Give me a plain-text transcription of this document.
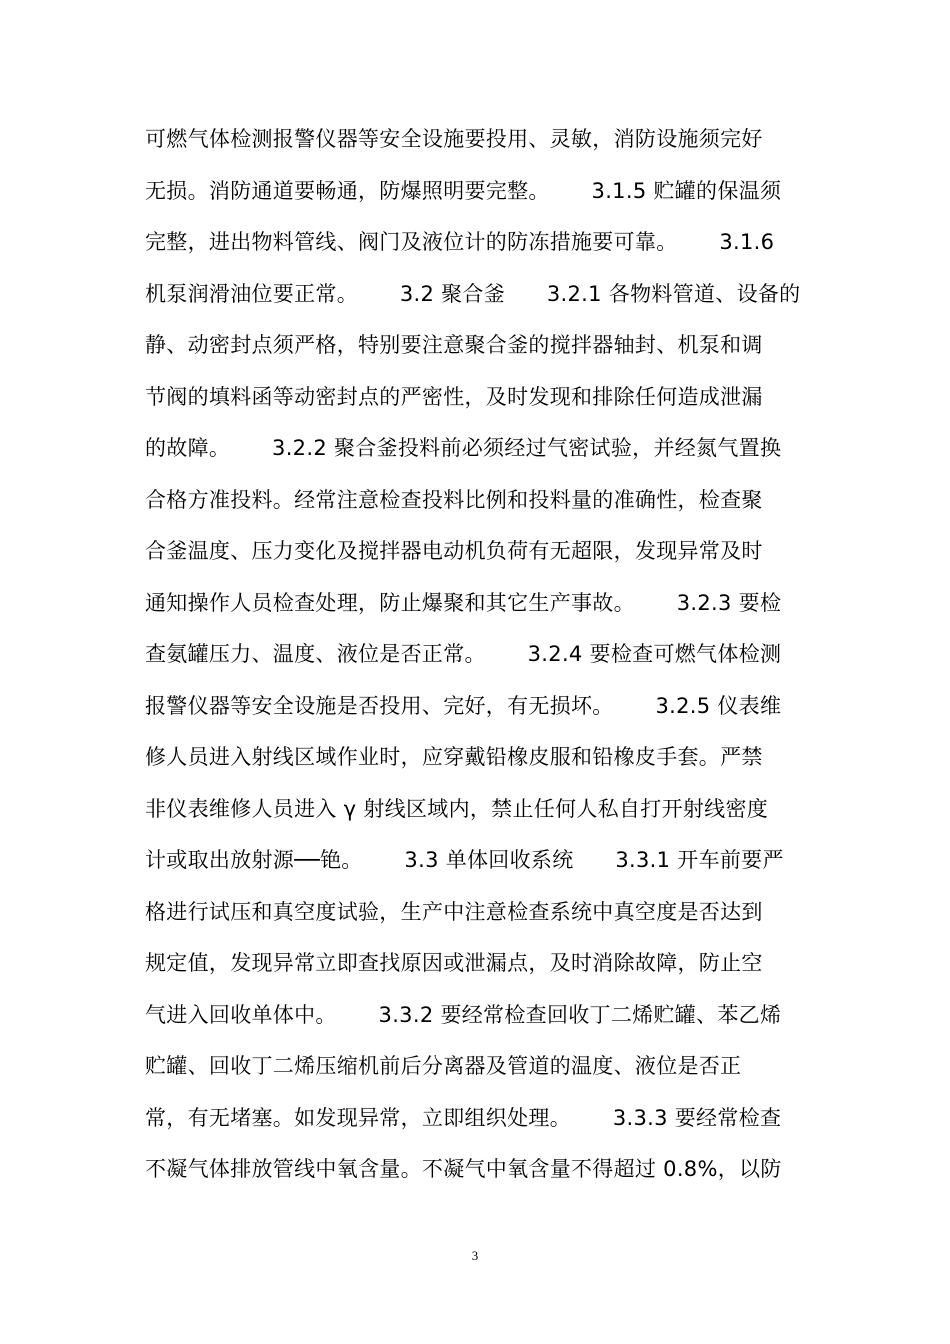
可燃气体检测报警仪器等安全设施要投用、灵敏，消防设施须完好
无损。消防通道要畅通，防爆照明要完整。      3.1.5 贮罐的保温须
完整，进出物料管线、阀门及液位计的防冻措施要可靠。      3.1.6
机泵润滑油位要正常。      3.2 聚合釜      3.2.1 各物料管道、设备的
静、动密封点须严格，特别要注意聚合釜的搅拌器轴封、机泵和调
节阀的填料函等动密封点的严密性，及时发现和排除任何造成泄漏
的故障。      3.2.2 聚合釜投料前必须经过气密试验，并经氮气置换
合格方准投料。经常注意检查投料比例和投料量的准确性，检查聚
合釜温度、压力变化及搅拌器电动机负荷有无超限，发现异常及时
通知操作人员检查处理，防止爆聚和其它生产事故。      3.2.3 要检
查氨罐压力、温度、液位是否正常。      3.2.4 要检查可燃气体检测
报警仪器等安全设施是否投用、完好，有无损坏。      3.2.5 仪表维
修人员进入射线区域作业时，应穿戴铅橡皮服和铅橡皮手套。严禁
非仪表维修人员进入 γ 射线区域内，禁止任何人私自打开射线密度
计或取出放射源──铯。      3.3 单体回收系统      3.3.1 开车前要严
格进行试压和真空度试验，生产中注意检查系统中真空度是否达到
规定值，发现异常立即查找原因或泄漏点，及时消除故障，防止空
气进入回收单体中。      3.3.2 要经常检查回收丁二烯贮罐、苯乙烯
贮罐、回收丁二烯压缩机前后分离器及管道的温度、液位是否正
常，有无堵塞。如发现异常，立即组织处理。      3.3.3 要经常检查
不凝气体排放管线中氧含量。不凝气中氧含量不得超过 0.8%，以防
3
